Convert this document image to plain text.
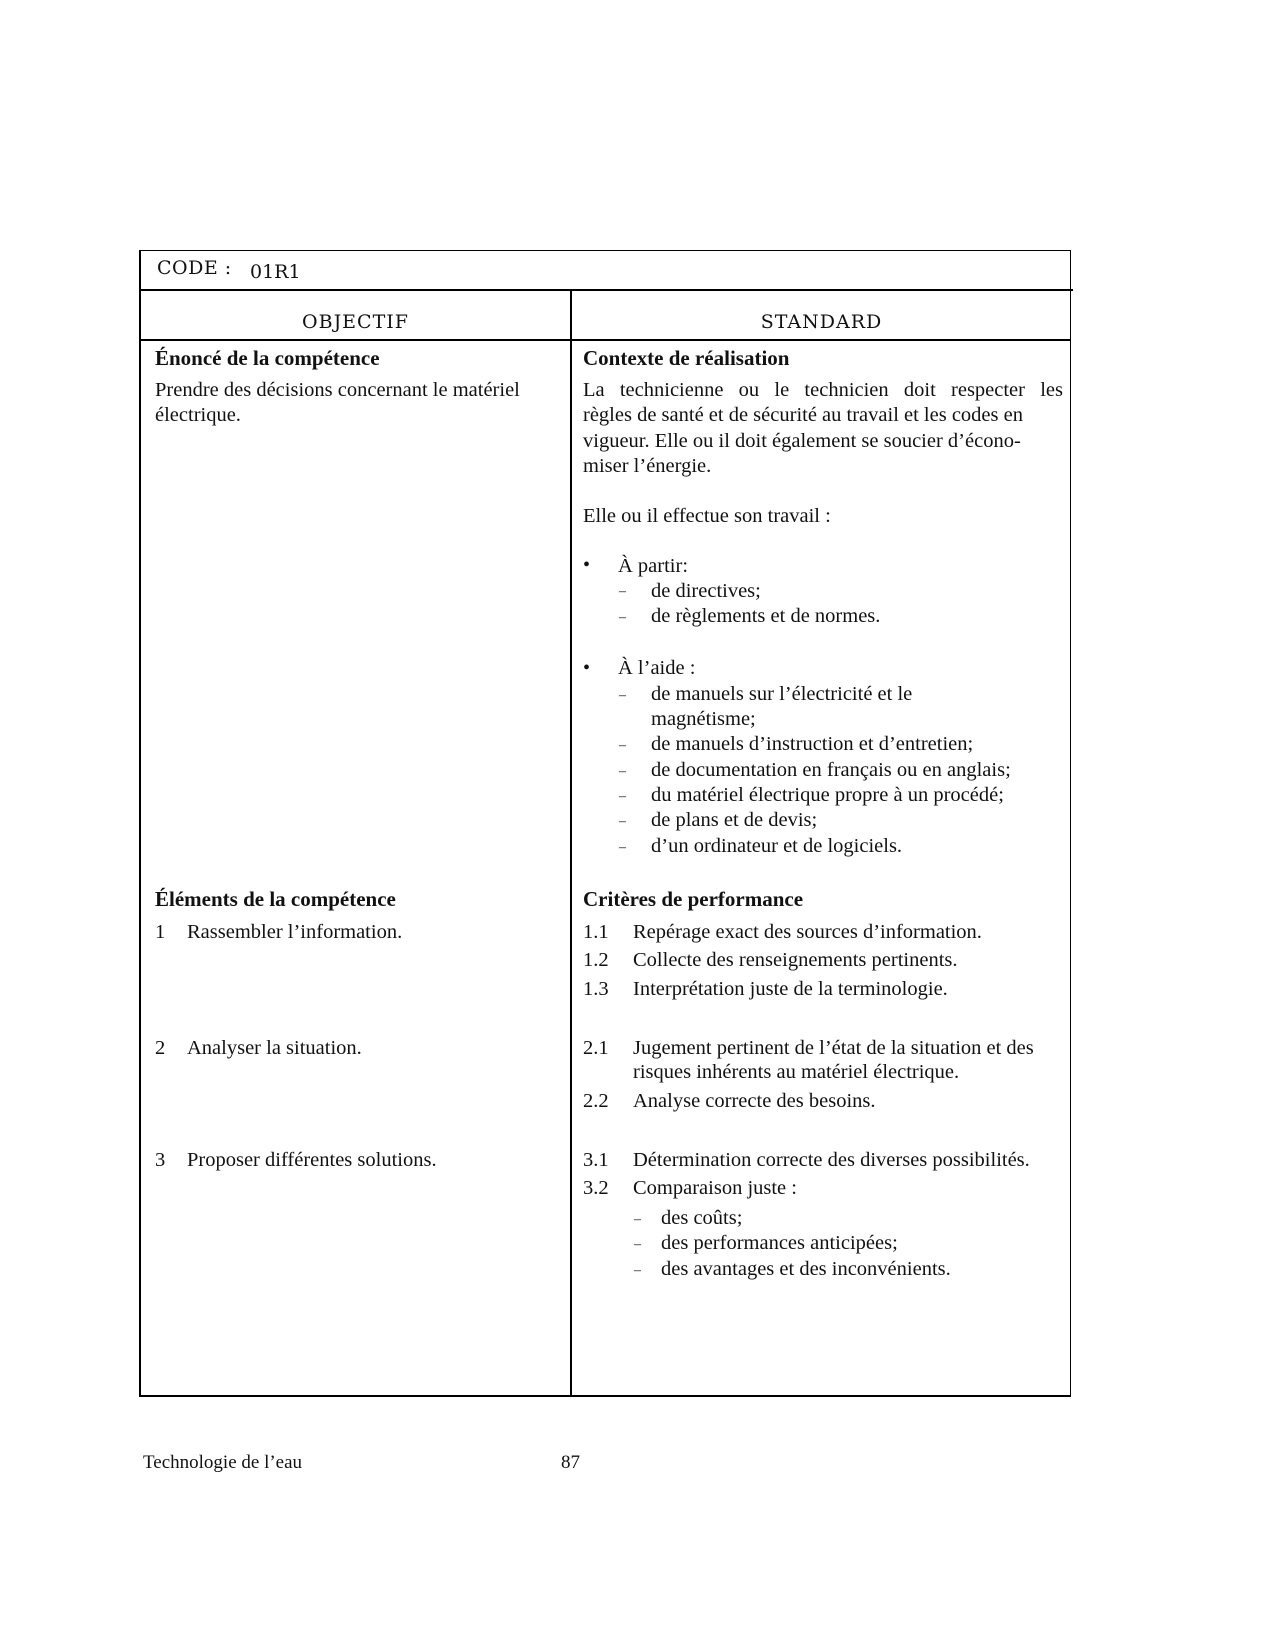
CODE : 01R1
OBJECTIF	STANDARD
Énoncé de la compétence
Prendre des décisions concernant le matériel
électrique.
Contexte de réalisation
La technicienne ou le technicien doit respecter les
règles de santé et de sécurité au travail et les codes en
vigueur. Elle ou il doit également se soucier d’écono-
miser l’énergie.
Elle ou il effectue son travail :
• À partir:
– de directives;
– de règlements et de normes.
• À l’aide :
– de manuels sur l’électricité et le
magnétisme;
– de manuels d’instruction et d’entretien;
– de documentation en français ou en anglais;
– du matériel électrique propre à un procédé;
– de plans et de devis;
– d’un ordinateur et de logiciels.
Éléments de la compétence
1 Rassembler l’information.
2 Analyser la situation.
3 Proposer différentes solutions.
Critères de performance
1.1 Repérage exact des sources d’information.
1.2 Collecte des renseignements pertinents.
1.3 Interprétation juste de la terminologie.
2.1 Jugement pertinent de l’état de la situation et des
risques inhérents au matériel électrique.
2.2 Analyse correcte des besoins.
3.1 Détermination correcte des diverses possibilités.
3.2 Comparaison juste :
– des coûts;
– des performances anticipées;
– des avantages et des inconvénients.
Technologie de l’eau	87
